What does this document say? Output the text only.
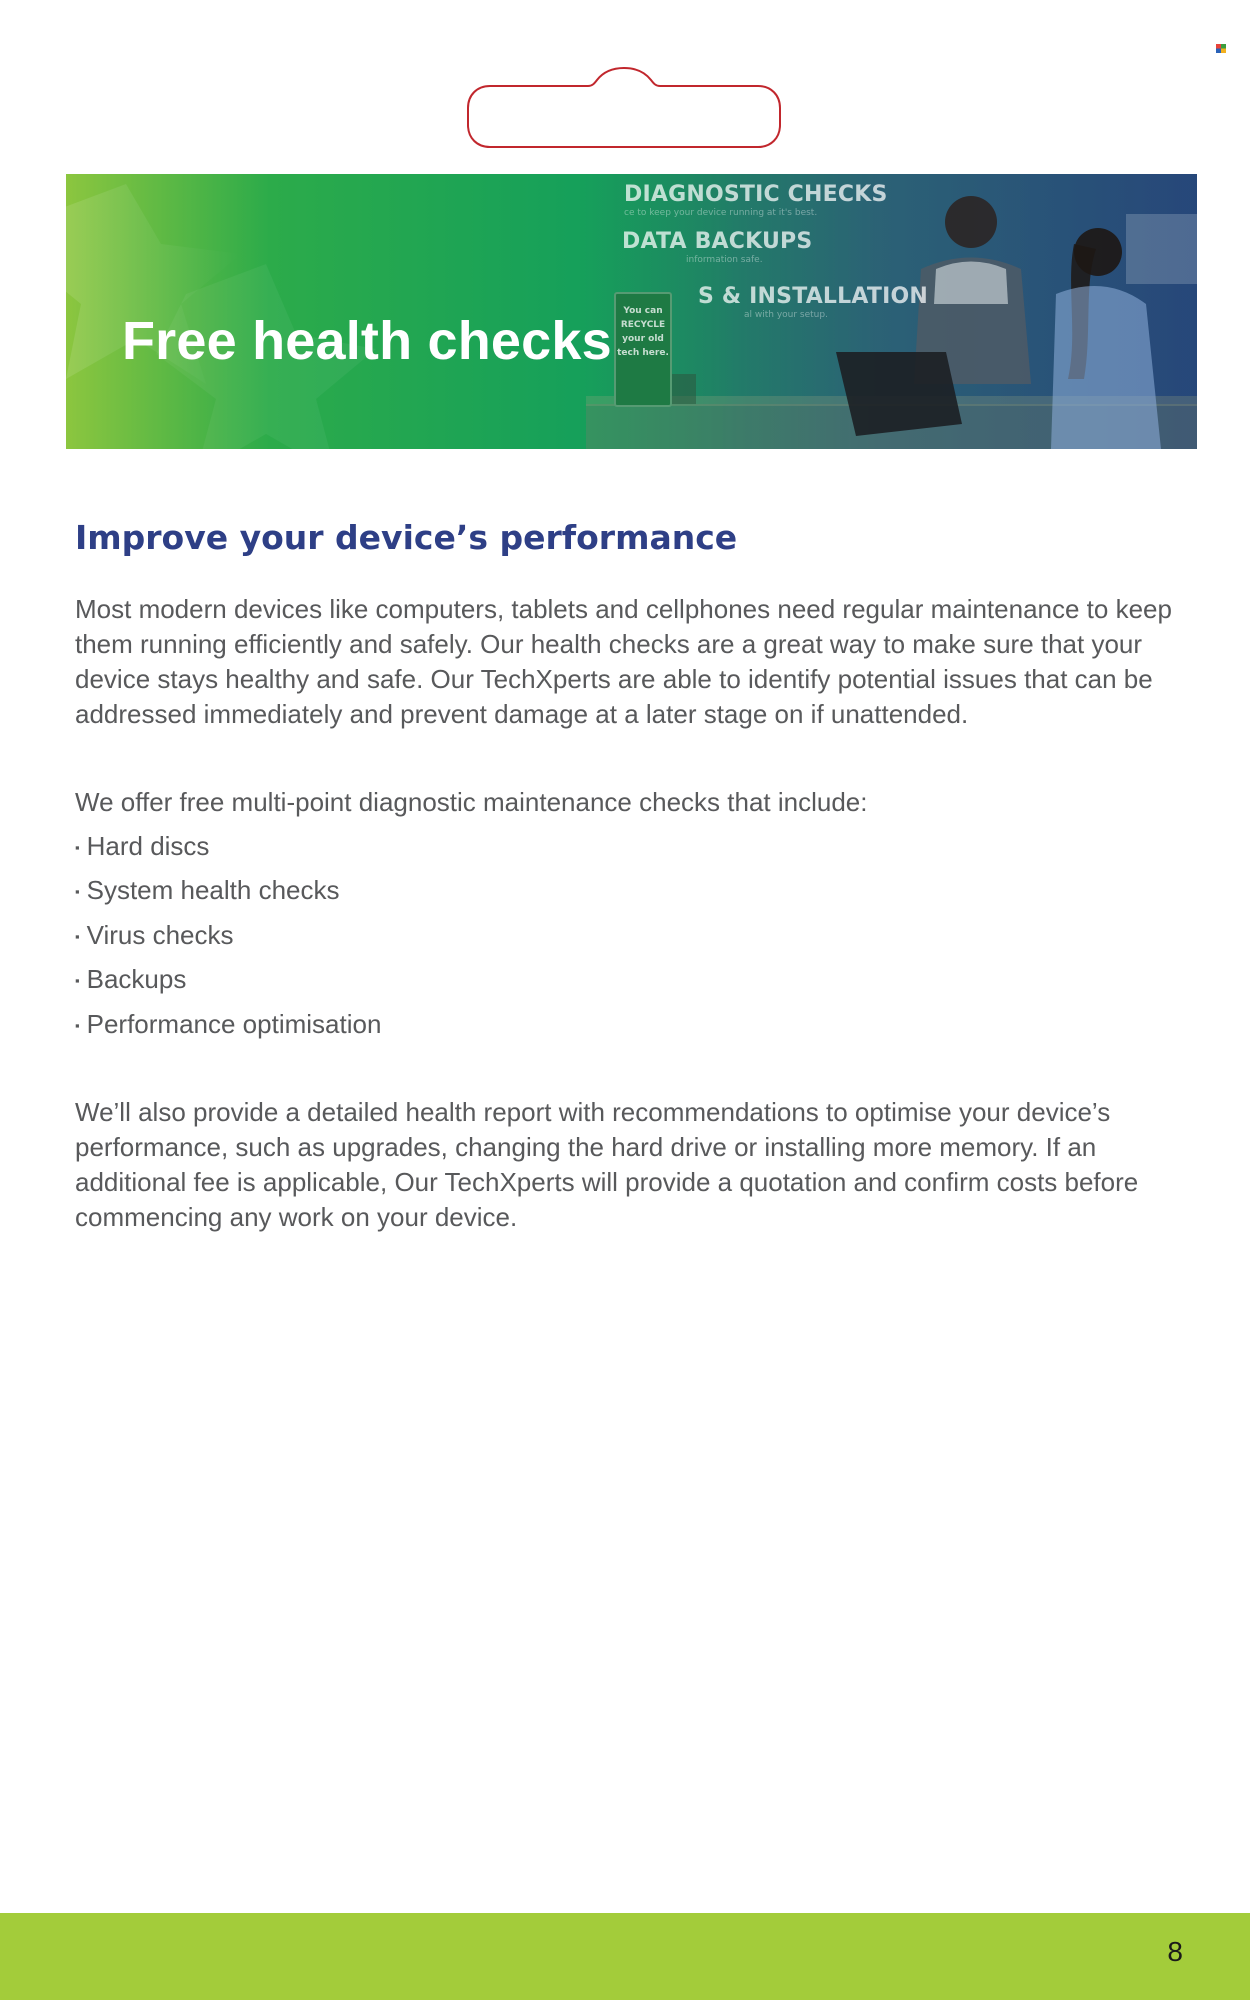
DIAGNOSTIC CHECKS
ce to keep your device running at it's best.
DATA BACKUPS
information safe.
S & INSTALLATION
al with your setup.
You can RECYCLE your old tech here.
Free health checks
Improve your device’s performance

Most modern devices like computers, tablets and cellphones need regular maintenance to keep them running efficiently and safely. Our health checks are a great way to make sure that your device stays healthy and safe. Our TechXperts are able to identify potential issues that can be addressed immediately and prevent damage at a later stage on if unattended.

We offer free multi-point diagnostic maintenance checks that include:

▪ Hard discs
▪ System health checks
▪ Virus checks
▪ Backups
▪ Performance optimisation

We’ll also provide a detailed health report with recommendations to optimise your device’s performance, such as upgrades, changing the hard drive or installing more memory. If an additional fee is applicable, Our TechXperts will provide a quotation and confirm costs before commencing any work on your device.

8
